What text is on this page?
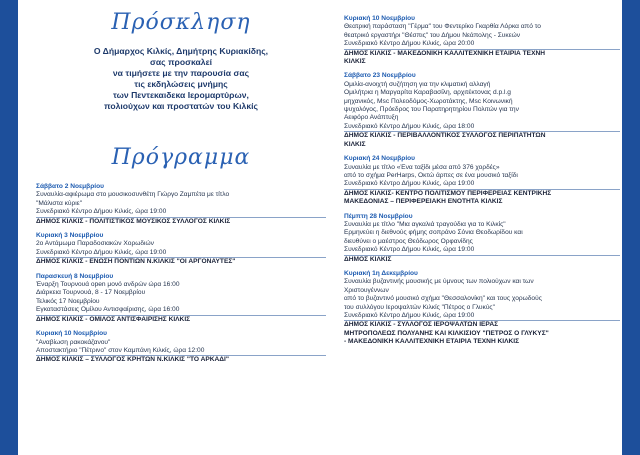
Πρόσκληση
Ο Δήμαρχος Κιλκίς, Δημήτρης Κυριακίδης,
σας προσκαλεί
να τιμήσετε με την παρουσία σας
τις εκδηλώσεις μνήμης
των Πεντεκαιδεκα Ιερομαρτύρων,
πολιούχων και προστατών του Κιλκίς
Πρόγραμμα
Σάββατο 2 Νοεμβρίου
Συναυλία-αφιέρωμα στο μουσικοσυνθέτη Γιώργο Ζαμπέτα με τίτλο
"Μάλιστα κύριε"
Συνεδριακό Κέντρο Δήμου Κιλκίς, ώρα 19:00
ΔΗΜΟΣ ΚΙΛΚΙΣ - ΠΟΛΙΤΙΣΤΙΚΟΣ ΜΟΥΣΙΚΟΣ ΣΥΛΛΟΓΟΣ ΚΙΛΚΙΣ
Κυριακή 3 Νοεμβρίου
2ο Αντάμωμα Παραδοσιακών Χορωδιών
Συνεδριακό Κέντρο Δήμου Κιλκίς, ώρα 19:00
ΔΗΜΟΣ ΚΙΛΚΙΣ - ΕΝΩΣΗ ΠΟΝΤΙΩΝ Ν.ΚΙΛΚΙΣ "ΟΙ ΑΡΓΟΝΑΥΤΕΣ"
Παρασκευή 8 Νοεμβρίου
Έναρξη Τουρνουά open μονό ανδρών ώρα 16:00
Διάρκεια Τουρνουά, 8 - 17 Νοεμβρίου
Τελικός 17 Νοεμβρίου
Εγκαταστάσεις Ομίλου Αντισφαίρισης, ώρα 16:00
ΔΗΜΟΣ ΚΙΛΚΙΣ - ΟΜΙΛΟΣ ΑΝΤΙΣΦΑΙΡΙΣΗΣ ΚΙΛΚΙΣ
Κυριακή 10 Νοεμβρίου
"Αναβίωση ρακοκάζανου"
Αποστακτήριο "Πέτρινο" στον Καμπάνη Κιλκίς, ώρα 12:00
ΔΗΜΟΣ ΚΙΛΚΙΣ – ΣΥΛΛΟΓΟΣ ΚΡΗΤΩΝ Ν.ΚΙΛΚΙΣ "ΤΟ ΑΡΚΑΔΙ"
Κυριακή 10 Νοεμβρίου
Θεατρική παράσταση "Γέρμα" του Φεντερίκο Γκαρθία Λόρκα από το
θεατρικό εργαστήρι "Θέσπις" του Δήμου Νεάπολης - Συκεών
Συνεδριακό Κέντρο Δήμου Κιλκίς, ώρα 20:00
ΔΗΜΟΣ ΚΙΛΚΙΣ - ΜΑΚΕΔΟΝΙΚΗ ΚΑΛΛΙΤΕΧΝΙΚΗ ΕΤΑΙΡΙΑ ΤΕΧΝΗ
ΚΙΛΚΙΣ
Σάββατο 23 Νοεμβρίου
Ομιλία-ανοιχτή συζήτηση για την κλιματική αλλαγή
Ομιλήτρια η Μαργαρίτα Καραβασίλη, αρχιτέκτονας d.p.l.g
μηχανικός, Msc Πολεοδόμος-Χωροτάκτης, Msc Κοινωνική
ψυχολόγος, Πρόεδρος του Παρατηρητηρίου Πολιτών για την
Αειφόρο Ανάπτυξη
Συνεδριακό Κέντρο Δήμου Κιλκίς, ώρα 18:00
ΔΗΜΟΣ ΚΙΛΚΙΣ - ΠΕΡΙΒΑΛΛΟΝΤΙΚΟΣ ΣΥΛΛΟΓΟΣ ΠΕΡΙΠΑΤΗΤΩΝ
ΚΙΛΚΙΣ
Κυριακή 24 Νοεμβρίου
Συναυλία με τίτλο «Ένα ταξίδι μέσα από 376 χορδές»
από το σχήμα PerHarps, Οκτώ άρπες σε ένα μουσικό ταξίδι
Συνεδριακό Κέντρο Δήμου Κιλκίς, ώρα 19:00
ΔΗΜΟΣ ΚΙΛΚΙΣ- ΚΕΝΤΡΟ ΠΟΛΙΤΙΣΜΟΥ ΠΕΡΙΦΕΡΕΙΑΣ ΚΕΝΤΡΙΚΗΣ
ΜΑΚΕΔΟΝΙΑΣ – ΠΕΡΙΦΕΡΕΙΑΚΗ ΕΝΟΤΗΤΑ ΚΙΛΚΙΣ
Πέμπτη 28 Νοεμβρίου
Συναυλία με τίτλο "Μια αγκαλιά τραγούδια για το Κιλκίς"
Ερμηνεύει η διεθνούς φήμης σοπράνο Σόνια Θεοδωρίδου και
διευθύνει ο μαέστρος Θεόδωρος Ορφανίδης
Συνεδριακό Κέντρο Δήμου Κιλκίς, ώρα 19:00
ΔΗΜΟΣ ΚΙΛΚΙΣ
Κυριακή 1η Δεκεμβρίου
Συναυλία βυζαντινής μουσικής με ύμνους των πολιούχων και των
Χριστουγέννων
από το βυζαντινό μουσικό σχήμα "Θεσσαλονίκη" και τους χορωδούς
του συλλόγου Ιεροψαλτών Κιλκίς "Πέτρος ο Γλυκύς"
Συνεδριακό Κέντρο Δήμου Κιλκίς, ώρα 19:00
ΔΗΜΟΣ ΚΙΛΚΙΣ - ΣΥΛΛΟΓΟΣ ΙΕΡΟΨΑΛΤΩΝ ΙΕΡΑΣ
ΜΗΤΡΟΠΟΛΕΩΣ ΠΟΛΥΑΝΗΣ ΚΑΙ ΚΙΛΚΙΣΙΟΥ "ΠΕΤΡΟΣ Ο ΓΛΥΚΥΣ"
- ΜΑΚΕΔΟΝΙΚΗ ΚΑΛΛΙΤΕΧΝΙΚΗ ΕΤΑΙΡΙΑ ΤΕΧΝΗ ΚΙΛΚΙΣ
